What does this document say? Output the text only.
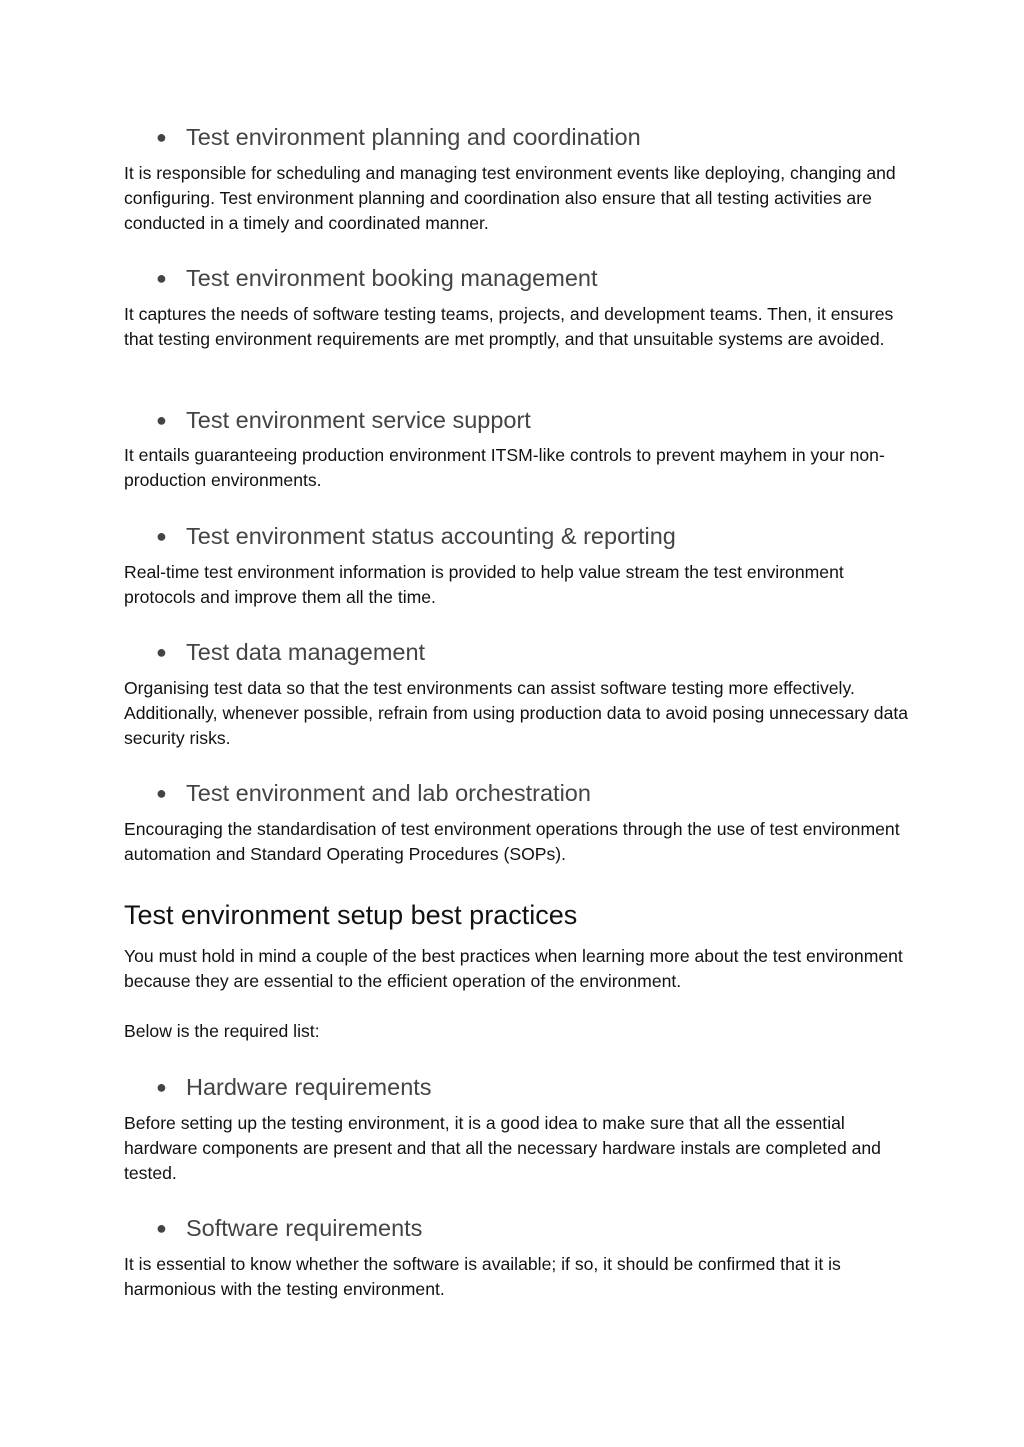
● Test environment planning and coordination
It is responsible for scheduling and managing test environment events like deploying, changing and configuring. Test environment planning and coordination also ensure that all testing activities are conducted in a timely and coordinated manner.
● Test environment booking management
It captures the needs of software testing teams, projects, and development teams. Then, it ensures that testing environment requirements are met promptly, and that unsuitable systems are avoided.
● Test environment service support
It entails guaranteeing production environment ITSM-like controls to prevent mayhem in your non-production environments.
● Test environment status accounting & reporting
Real-time test environment information is provided to help value stream the test environment protocols and improve them all the time.
● Test data management
Organising test data so that the test environments can assist software testing more effectively. Additionally, whenever possible, refrain from using production data to avoid posing unnecessary data security risks.
● Test environment and lab orchestration
Encouraging the standardisation of test environment operations through the use of test environment automation and Standard Operating Procedures (SOPs).
Test environment setup best practices
You must hold in mind a couple of the best practices when learning more about the test environment because they are essential to the efficient operation of the environment.
Below is the required list:
● Hardware requirements
Before setting up the testing environment, it is a good idea to make sure that all the essential hardware components are present and that all the necessary hardware instals are completed and tested.
● Software requirements
It is essential to know whether the software is available; if so, it should be confirmed that it is harmonious with the testing environment.
